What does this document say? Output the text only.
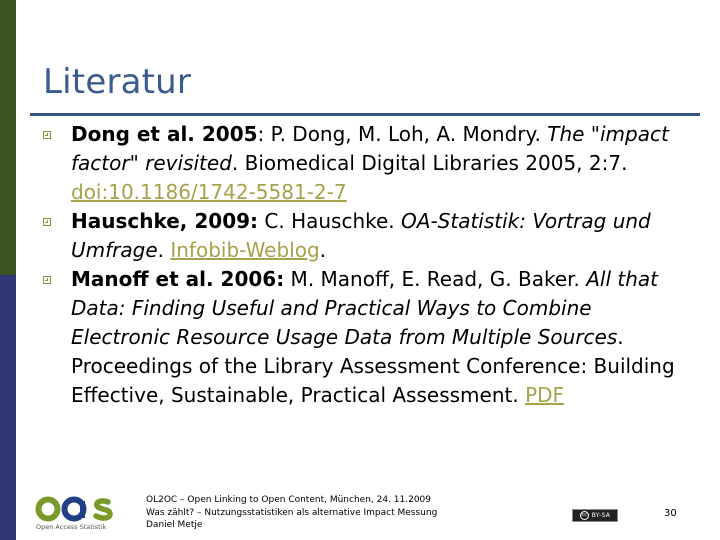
Literatur
Dong et al. 2005: P. Dong, M. Loh, A. Mondry. The "impact factor" revisited. Biomedical Digital Libraries 2005, 2:7. doi:10.1186/1742-5581-2-7
Hauschke, 2009: C. Hauschke. OA-Statistik: Vortrag und Umfrage. Infobib-Weblog.
Manoff et al. 2006: M. Manoff, E. Read, G. Baker. All that Data: Finding Useful and Practical Ways to Combine Electronic Resource Usage Data from Multiple Sources. Proceedings of the Library Assessment Conference: Building Effective, Sustainable, Practical Assessment. PDF
Open Access Statistik
OL2OC – Open Linking to Open Content, München, 24. 11.2009
Was zählt? – Nutzungsstatistiken als alternative Impact Messung
Daniel Metje
cc BY-SA	30
